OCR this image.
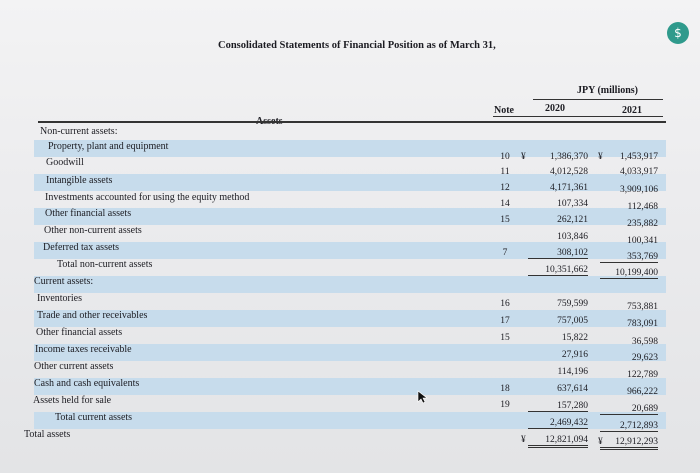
$
Consolidated Statements of Financial Position as of March 31,
JPY (millions)
Note	2020	2021
Assets
Non-current assets:
Property, plant and equipment
10	¥	1,386,370 ¥	1,453,917
Goodwill
11	4,012,528	4,033,917
Intangible assets
12	4,171,361	3,909,106
Investments accounted for using the equity method
14	107,334	112,468
Other financial assets
15	262,121	235,882
Other non-current assets
103,846	100,341
Deferred tax assets	7	308,102	353,769
Total non-current assets	10,351,662	10,199,400
Current assets:
Inventories	16	759,599	753,881
Trade and other receivables	17	757,005	783,091
Other financial assets	15	15,822	36,598
Income taxes receivable	27,916	29,623
Other current assets	114,196	122,789
Cash and cash equivalents	18	637,614	966,222
Assets held for sale	19	157,280	20,689
Total current assets	2,469,432	2,712,893
Total assets	¥	12,821,094 ¥	12,912,293
